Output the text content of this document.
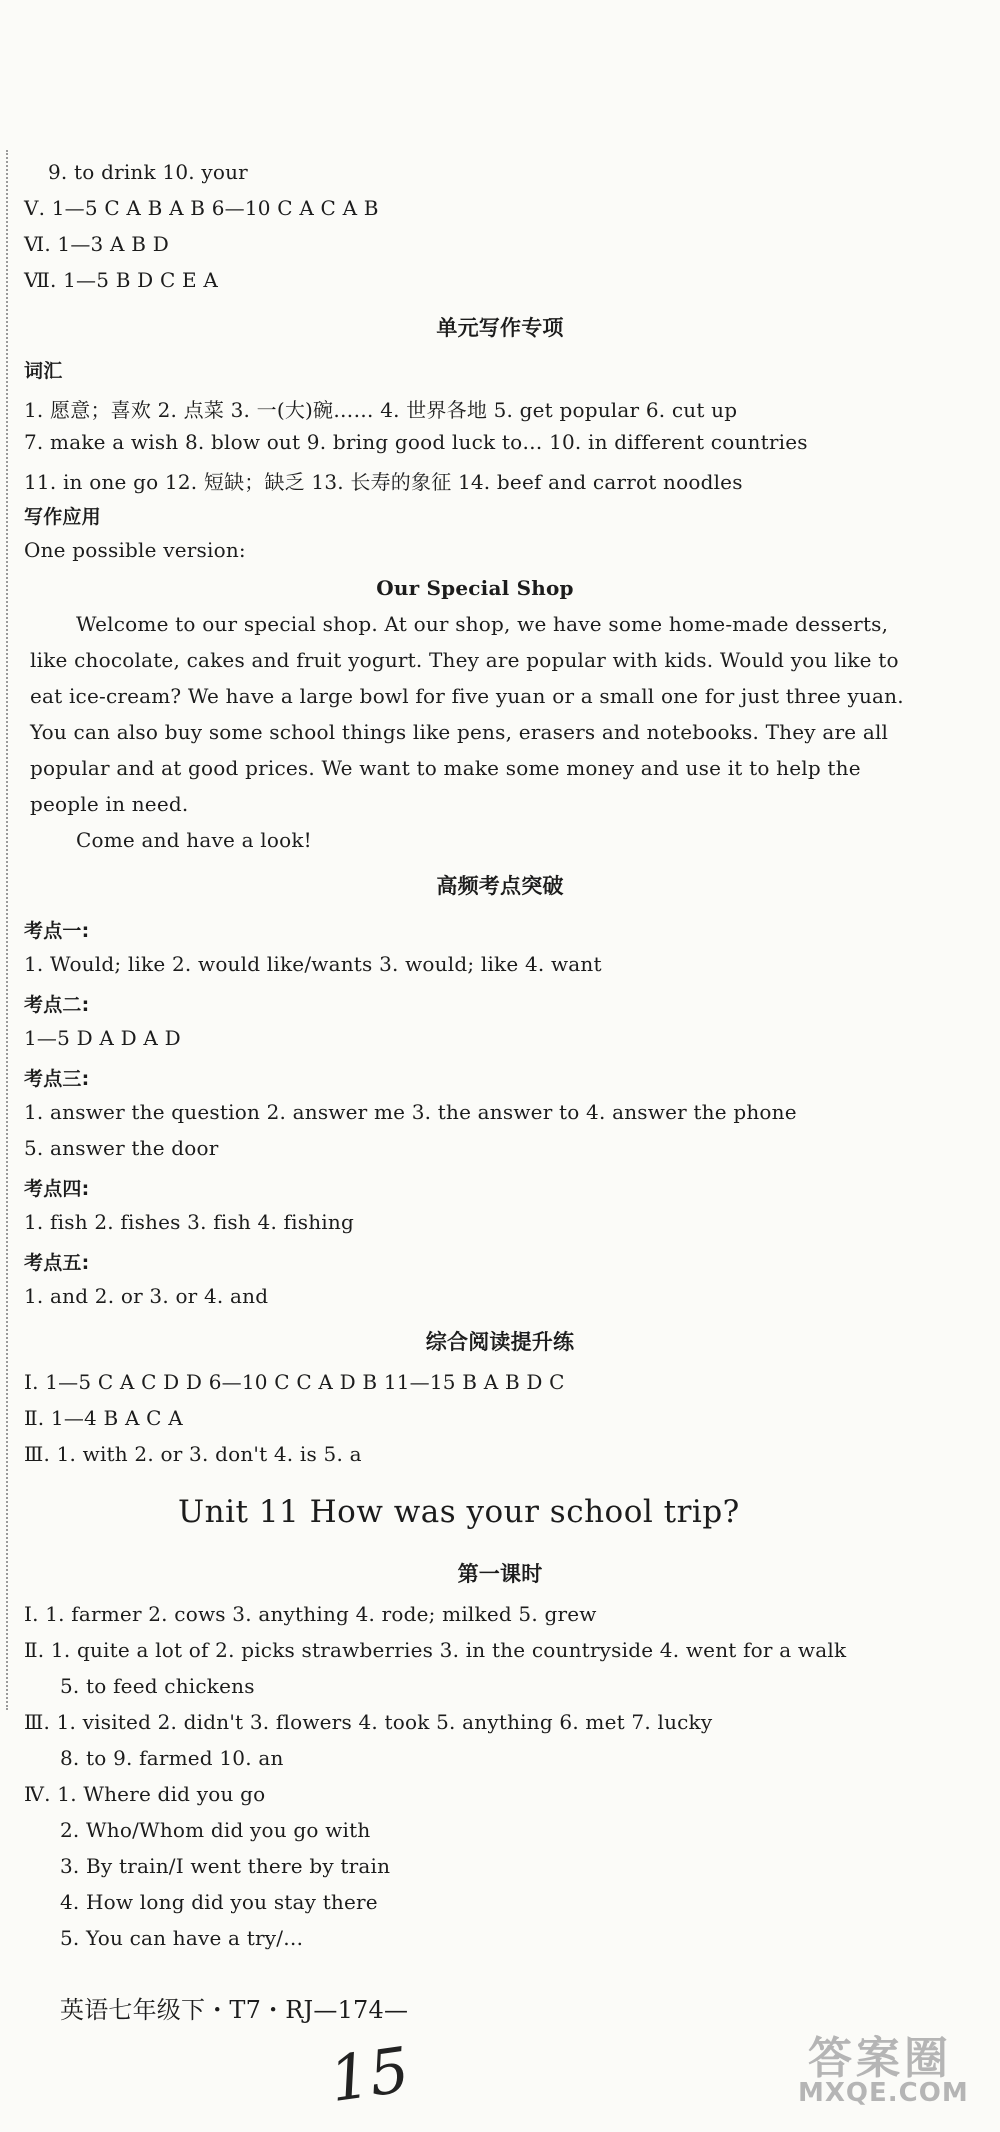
9. to drink 10. your
Ⅴ. 1—5 C A B A B 6—10 C A C A B
Ⅵ. 1—3 A B D
Ⅶ. 1—5 B D C E A
单元写作专项
词汇
1. 愿意；喜欢 2. 点菜 3. 一(大)碗…… 4. 世界各地 5. get popular 6. cut up
7. make a wish 8. blow out 9. bring good luck to… 10. in different countries
11. in one go 12. 短缺；缺乏 13. 长寿的象征 14. beef and carrot noodles
写作应用
One possible version:
Our Special Shop
Welcome to our special shop. At our shop, we have some home-made desserts,
like chocolate, cakes and fruit yogurt. They are popular with kids. Would you like to
eat ice-cream? We have a large bowl for five yuan or a small one for just three yuan.
You can also buy some school things like pens, erasers and notebooks. They are all
popular and at good prices. We want to make some money and use it to help the
people in need.
Come and have a look!
高频考点突破
考点一:
1. Would; like 2. would like/wants 3. would; like 4. want
考点二:
1—5 D A D A D
考点三:
1. answer the question 2. answer me 3. the answer to 4. answer the phone
5. answer the door
考点四:
1. fish 2. fishes 3. fish 4. fishing
考点五:
1. and 2. or 3. or 4. and
综合阅读提升练
Ⅰ. 1—5 C A C D D 6—10 C C A D B 11—15 B A B D C
Ⅱ. 1—4 B A C A
Ⅲ. 1. with 2. or 3. don't 4. is 5. a
Unit 11 How was your school trip?
第一课时
Ⅰ. 1. farmer 2. cows 3. anything 4. rode; milked 5. grew
Ⅱ. 1. quite a lot of 2. picks strawberries 3. in the countryside 4. went for a walk
5. to feed chickens
Ⅲ. 1. visited 2. didn't 3. flowers 4. took 5. anything 6. met 7. lucky
8. to 9. farmed 10. an
Ⅳ. 1. Where did you go
2. Who/Whom did you go with
3. By train/I went there by train
4. How long did you stay there
5. You can have a try/…
英语七年级下・T7・RJ—174—
15	答案圈
MXQE.COM
